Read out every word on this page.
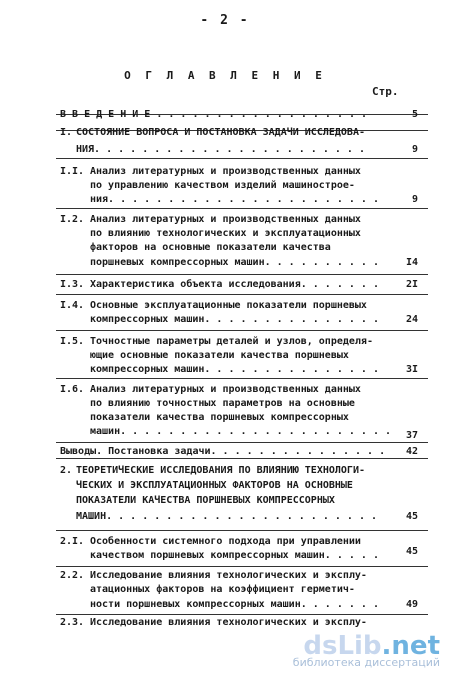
- 2 -
О Г Л А В Л Е Н И Е
Стр.
В В Е Д Е Н И Е . . . . . . . . . . . . . . . . . .	5
I. СОСТОЯНИЕ ВОПРОСА И ПОСТАНОВКА ЗАДАЧИ ИССЛЕДОВА-
НИЯ. . . . . . . . . . . . . . . . . . . . . . .	9
I.I. Анализ литературных и производственных данных
по управлению качеством изделий машинострое-
ния. . . . . . . . . . . . . . . . . . . . . . .	9
I.2. Анализ литературных и производственных данных
по влиянию технологических и эксплуатационных
факторов на основные показатели качества
поршневых компрессорных машин. . . . . . . . . .	I4
I.3. Характеристика объекта исследования. . . . . . .	2I
I.4. Основные эксплуатационные показатели поршневых
компрессорных машин. . . . . . . . . . . . . . .	24
I.5. Точностные параметры деталей и узлов, определя-
ющие основные показатели качества поршневых
компрессорных машин. . . . . . . . . . . . . . .	3I
I.6. Анализ литературных и производственных данных
по влиянию точностных параметров на основные
показатели качества поршневых компрессорных
машин. . . . . . . . . . . . . . . . . . . . . . .	37
Выводы. Постановка задачи. . . . . . . . . . . . . . .	42
2. ТЕОРЕТИЧЕСКИЕ ИССЛЕДОВАНИЯ ПО ВЛИЯНИЮ ТЕХНОЛОГИ-
ЧЕСКИХ И ЭКСПЛУАТАЦИОННЫХ ФАКТОРОВ НА ОСНОВНЫЕ
ПОКАЗАТЕЛИ КАЧЕСТВА ПОРШНЕВЫХ КОМПРЕССОРНЫХ
МАШИН. . . . . . . . . . . . . . . . . . . . . . .	45
2.I. Особенности системного подхода при управлении
качеством поршневых компрессорных машин. . . . .	45
2.2. Исследование влияния технологических и эксплу-
атационных факторов на коэффициент герметич-
ности поршневых компрессорных машин. . . . . . .	49
2.3. Исследование влияния технологических и эксплу-
dsLib.net
библиотека диссертаций
